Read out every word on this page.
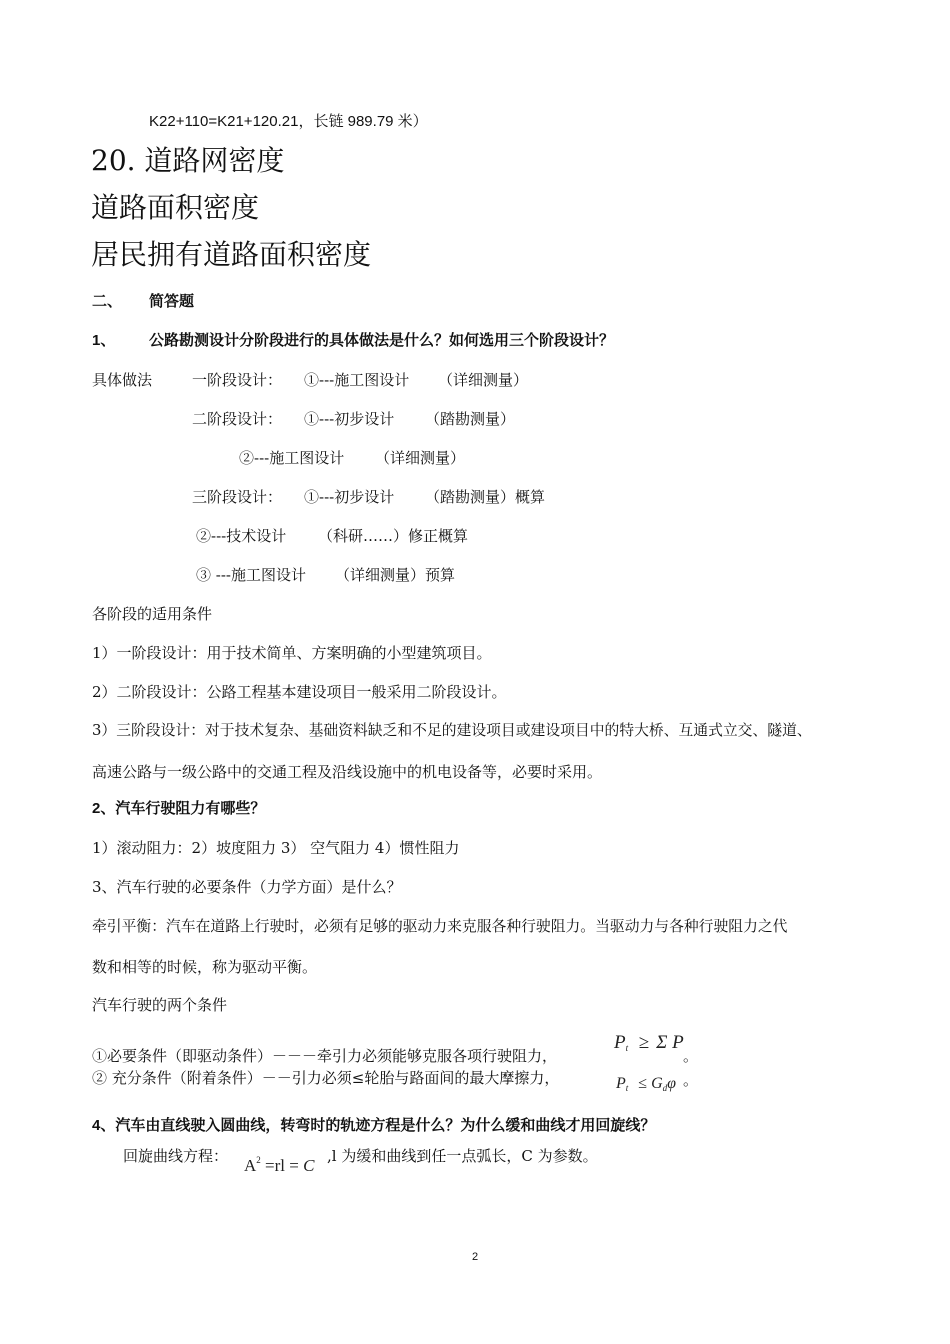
K22+110=K21+120.21，长链 989.79 米）
20. 道路网密度
道路面积密度
居民拥有道路面积密度
二、 简答题
1、 公路勘测设计分阶段进行的具体做法是什么？如何选用三个阶段设计？
具体做法	一阶段设计： ①---施工图设计 （详细测量）
二阶段设计： ①---初步设计 （踏勘测量）
②---施工图设计 （详细测量）
三阶段设计： ①---初步设计 （踏勘测量）概算
②---技术设计 （科研……）修正概算
③ ---施工图设计 （详细测量）预算
各阶段的适用条件
1）一阶段设计：用于技术简单、方案明确的小型建筑项目。
2）二阶段设计：公路工程基本建设项目一般采用二阶段设计。
3）三阶段设计：对于技术复杂、基础资料缺乏和不足的建设项目或建设项目中的特大桥、互通式立交、隧道、
高速公路与一级公路中的交通工程及沿线设施中的机电设备等，必要时采用。
2、汽车行驶阻力有哪些？
1）滚动阻力：2）坡度阻力 3） 空气阻力 4）惯性阻力
3、汽车行驶的必要条件（力学方面）是什么？
牵引平衡：汽车在道路上行驶时，必须有足够的驱动力来克服各种行驶阻力。当驱动力与各种行驶阻力之代
数和相等的时候，称为驱动平衡。
汽车行驶的两个条件
①必要条件（即驱动条件）－－－牵引力必须能够克服各项行驶阻力，
$P_t \ge \Sigma$ P
。
② 充分条件（附着条件）－－引力必须≤轮胎与路面间的最大摩擦力，	$P_t \le G_d\varphi$ 。
4、汽车由直线驶入圆曲线，转弯时的轨迹方程是什么？为什么缓和曲线才用回旋线？
回旋曲线方程： $A^2 =rl = C$ ,l 为缓和曲线到任一点弧长，C 为参数。
2
